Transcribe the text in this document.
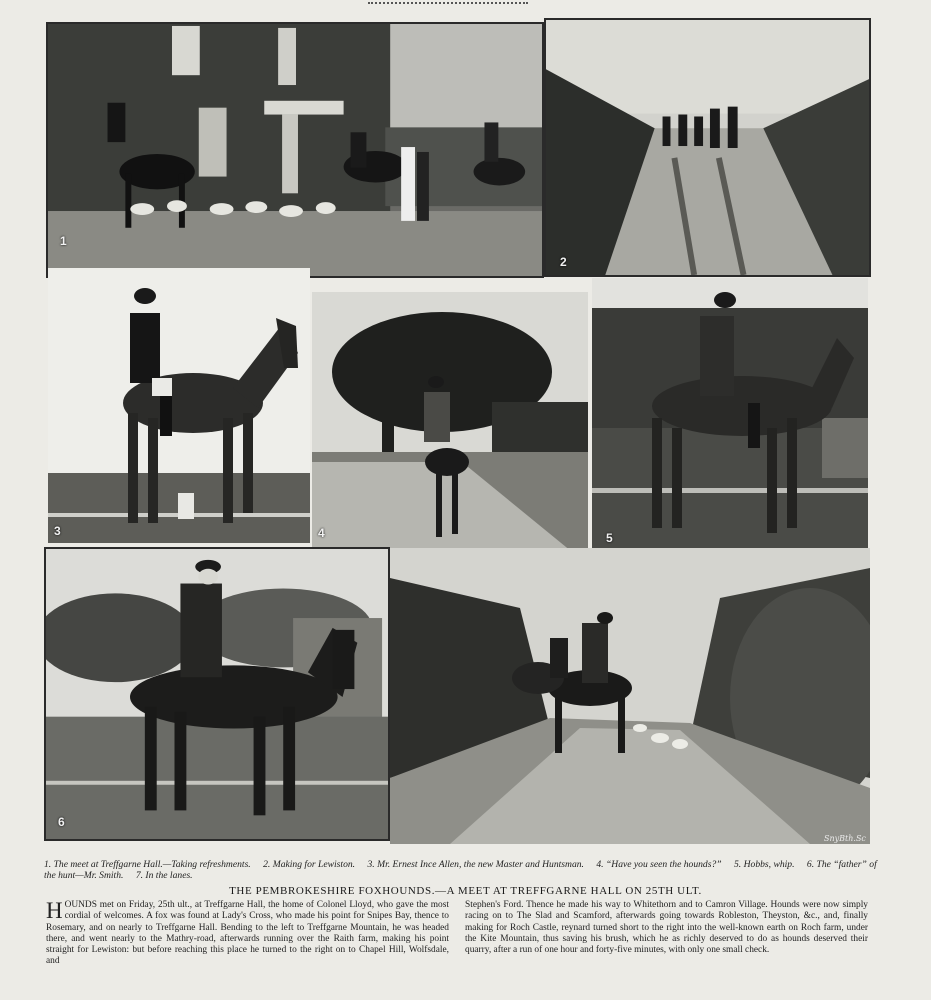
1
2
3	4	5
6
SnyBth.Sc
1. The meet at Treffgarne Hall.—Taking refreshments. 2. Making for Lewiston. 3. Mr. Ernest Ince Allen, the new Master and Huntsman. 4. “Have you seen the hounds?” 5. Hobbs, whip. 6. The “father” of the hunt—Mr. Smith. 7. In the lanes.
THE PEMBROKESHIRE FOXHOUNDS.—A MEET AT TREFFGARNE HALL ON 25TH ULT.

HOUNDS met on Friday, 25th ult., at Treffgarne Hall, the home of Colonel Lloyd, who gave the most cordial of welcomes. A fox was found at Lady's Cross, who made his point for Snipes Bay, thence to Rosemary, and on nearly to Treffgarne Hall. Bending to the left to Treffgarne Mountain, he was headed there, and went nearly to the Mathry-road, afterwards running over the Raith farm, making his point straight for Lewiston: but before reaching this place he turned to the right on to Chapel Hill, Wolfsdale, and

Stephen's Ford. Thence he made his way to Whitethorn and to Camron Village. Hounds were now simply racing on to The Slad and Scamford, afterwards going towards Robleston, Theyston, &c., and, finally making for Roch Castle, reynard turned short to the right into the well-known earth on Roch farm, under the Kite Mountain, thus saving his brush, which he as richly deserved to do as hounds deserved their quarry, after a run of one hour and forty-five minutes, with only one small check.
